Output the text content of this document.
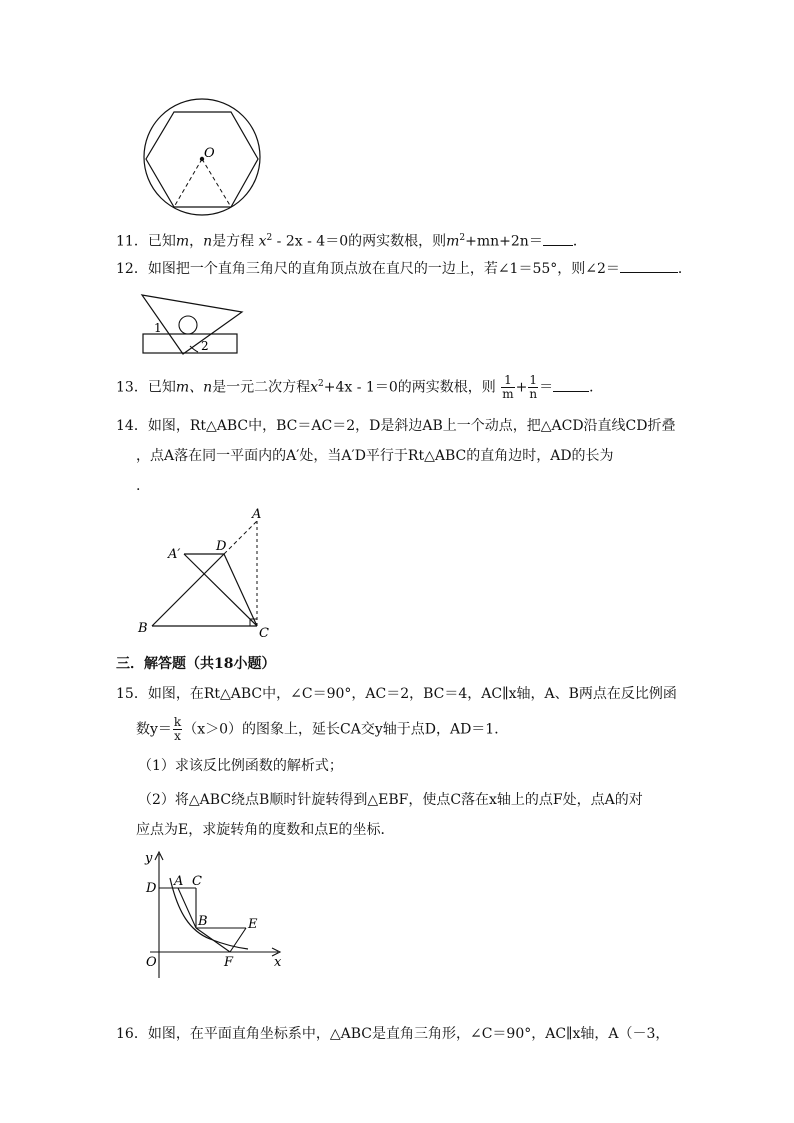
O
11．已知m，n是方程 $x^2 - 2x - 4=0$的两实数根，则$m^2+mn+2n=$ ．
12．如图把一个直角三角尺的直角顶点放在直尺的一边上，若∠1＝55°，则∠2＝	．
1
2
13．已知m、n是一元二次方程$x^2+4x - 1=0$的两实数根，则 $\frac{1}{m} + \frac{1}{n}$ ＝	．
14．如图，Rt△ABC中，BC＝AC＝2，D是斜边AB上一个动点，把△ACD沿直线CD折叠
，点A落在同一平面内的A′处，当A′D平行于Rt△ABC的直角边时，AD的长为
.
A
A′
D
B	C
三．解答题（共18小题）
15．如图，在Rt△ABC中，∠C＝90°，AC＝2，BC＝4，AC∥x轴，A、B两点在反比例函
数$y= \frac{k}{x} (x>0)$的图象上，延长CA交y轴于点D，AD＝1．
（1）求该反比例函数的解析式；
（2）将△ABC绕点B顺时针旋转得到△EBF，使点C落在x轴上的点F处，点A的对
应点为E，求旋转角的度数和点E的坐标．
y
x
O
D A C
B	E
F
16．如图，在平面直角坐标系中，△ABC是直角三角形，∠C＝90°，AC∥x轴，A（－3，
